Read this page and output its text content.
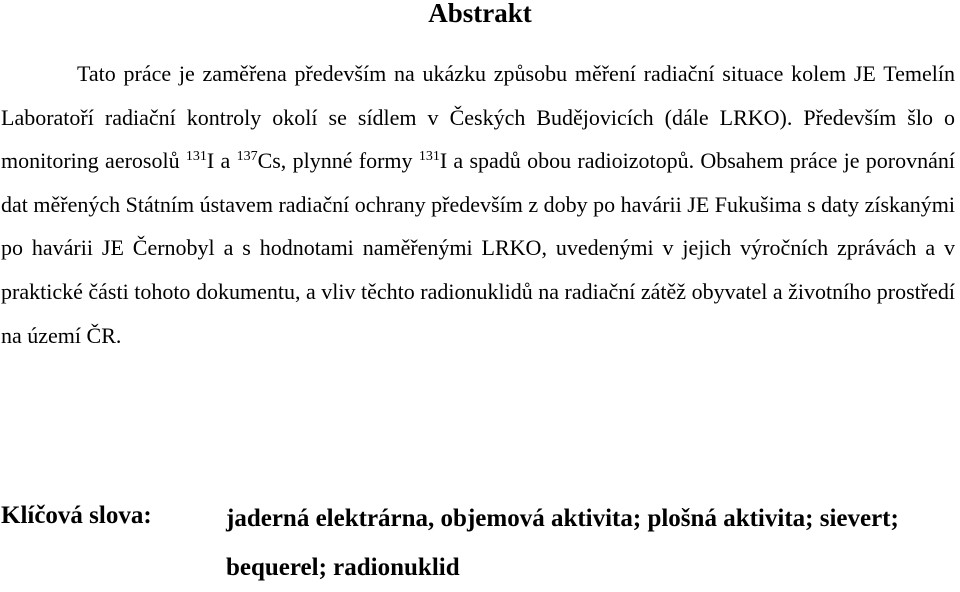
Abstrakt

Tato práce je zaměřena především na ukázku způsobu měření radiační situace kolem JE Temelín Laboratoří radiační kontroly okolí se sídlem v Českých Budějovicích (dále LRKO). Především šlo o monitoring aerosolů $^{131}$I a $^{137}$Cs, plynné formy $^{131}$I a spadů obou radioizotopů. Obsahem práce je porovnání dat měřených Státním ústavem radiační ochrany především z doby po havárii JE Fukušima s daty získanými po havárii JE Černobyl a s hodnotami naměřenými LRKO, uvedenými v jejich výročních zprávách a v praktické části tohoto dokumentu, a vliv těchto radionuklidů na radiační zátěž obyvatel a životního prostředí na území ČR.

Klíčová slova:	jaderná elektrárna, objemová aktivita; plošná aktivita; sievert; bequerel; radionuklid
